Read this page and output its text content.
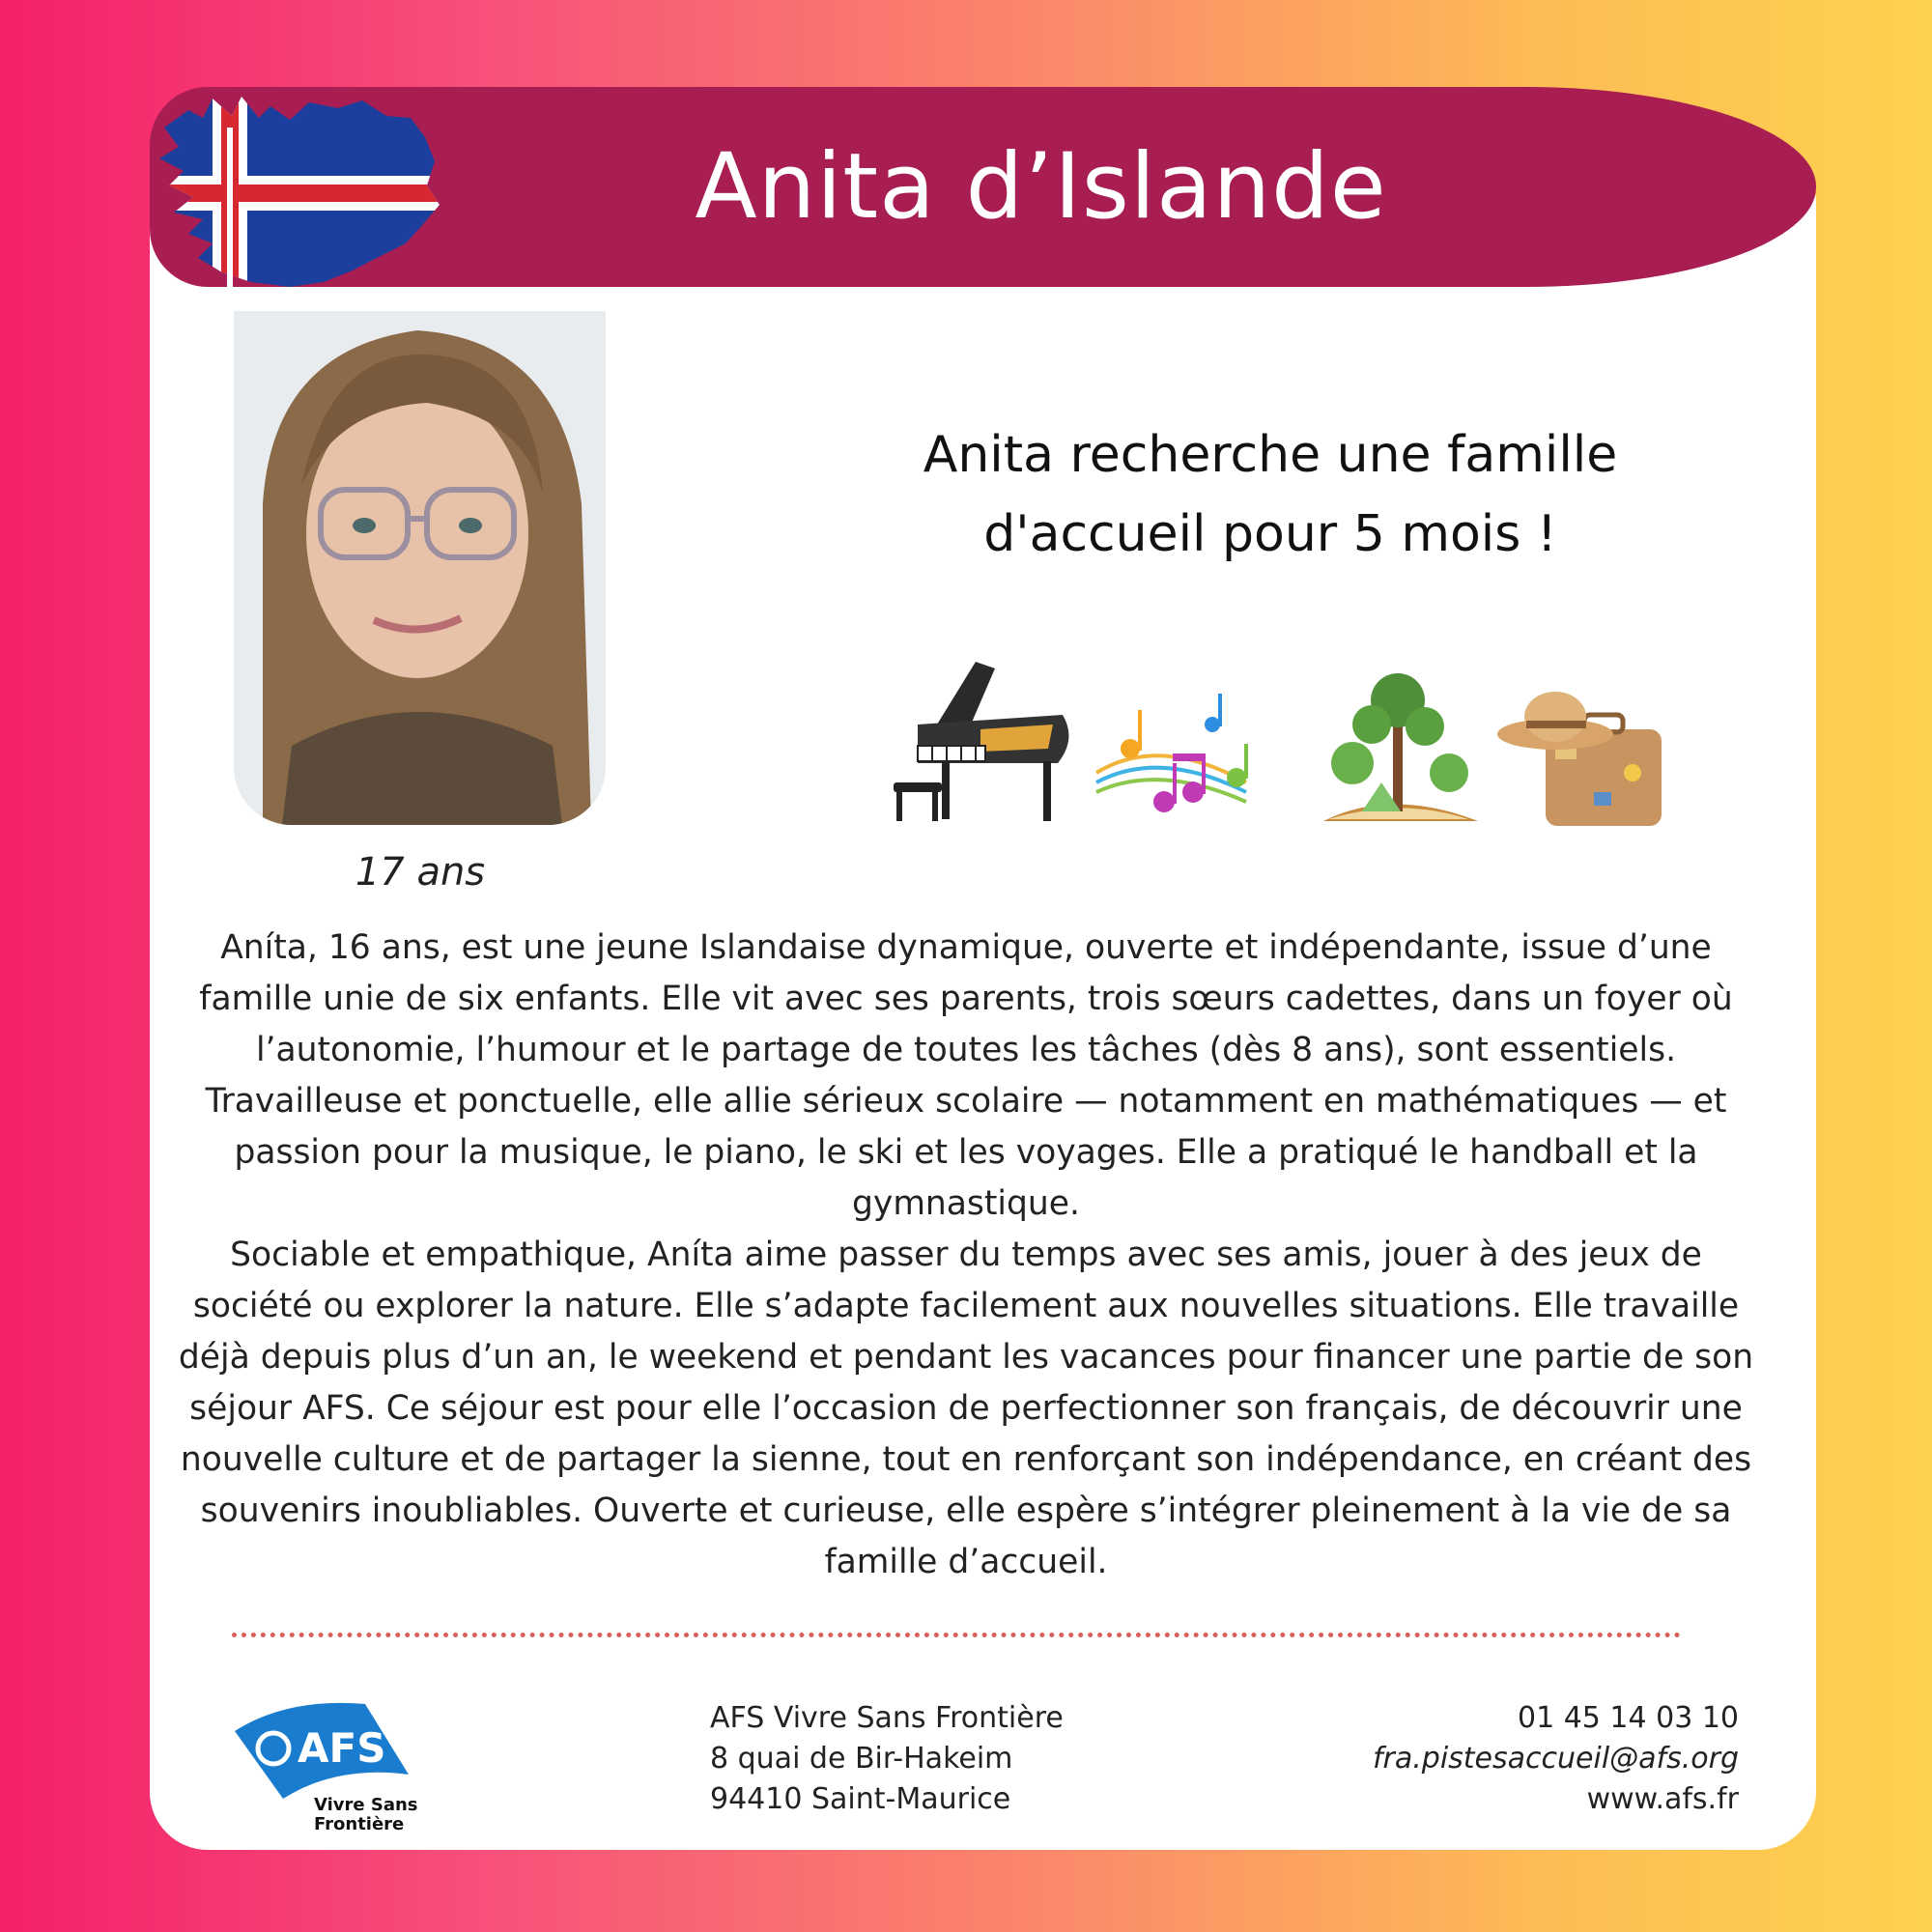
Anita d’Islande
17 ans
Anita recherche une famille
d'accueil pour 5 mois !

Aníta, 16 ans, est une jeune Islandaise dynamique, ouverte et indépendante, issue d’une famille unie de six enfants. Elle vit avec ses parents, trois sœurs cadettes, dans un foyer où l’autonomie, l’humour et le partage de toutes les tâches (dès 8 ans), sont essentiels. Travailleuse et ponctuelle, elle allie sérieux scolaire — notamment en mathématiques — et passion pour la musique, le piano, le ski et les voyages. Elle a pratiqué le handball et la gymnastique.

Sociable et empathique, Aníta aime passer du temps avec ses amis, jouer à des jeux de société ou explorer la nature. Elle s’adapte facilement aux nouvelles situations. Elle travaille déjà depuis plus d’un an, le weekend et pendant les vacances pour financer une partie de son séjour AFS. Ce séjour est pour elle l’occasion de perfectionner son français, de découvrir une nouvelle culture et de partager la sienne, tout en renforçant son indépendance, en créant des souvenirs inoubliables. Ouverte et curieuse, elle espère s’intégrer pleinement à la vie de sa famille d’accueil.

AFS
Vivre Sans
Frontière
AFS Vivre Sans Frontière
8 quai de Bir-Hakeim
94410 Saint-Maurice
01 45 14 03 10
fra.pistesaccueil@afs.org
www.afs.fr
